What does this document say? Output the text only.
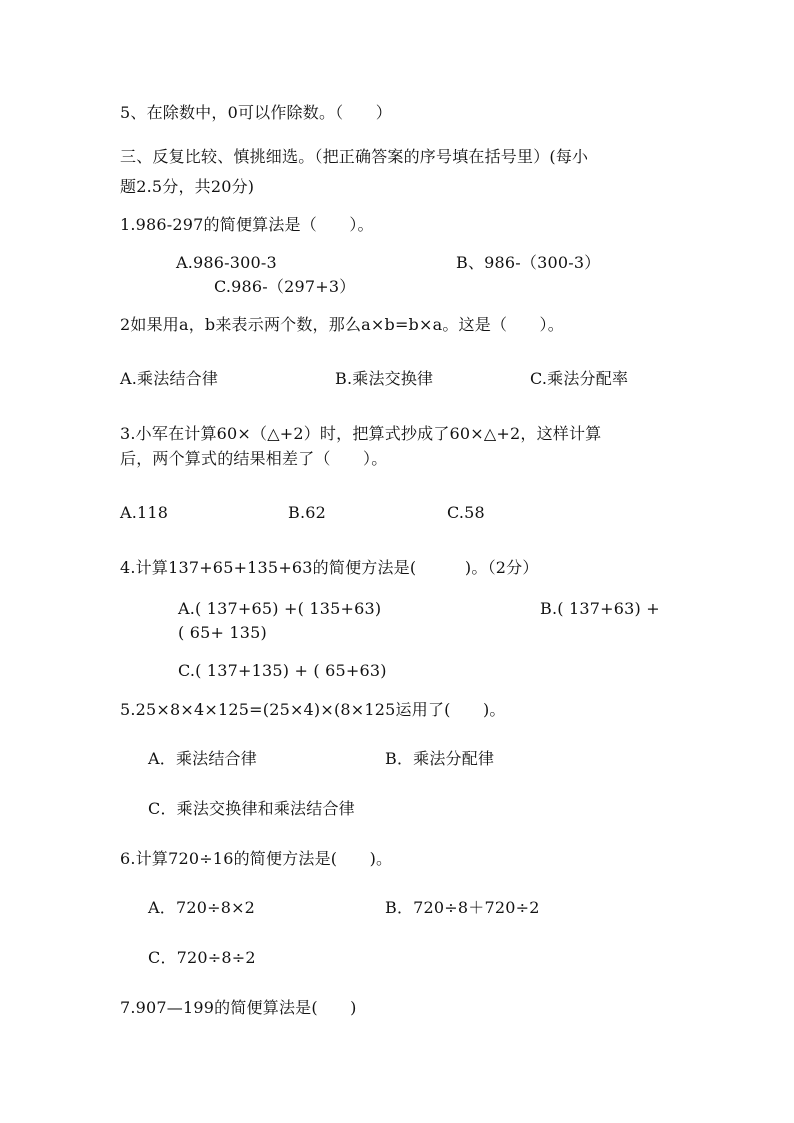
5、在除数中，0可以作除数。（　　）
三、反复比较、慎挑细选。（把正确答案的序号填在括号里）(每小
题2.5分，共20分)
1.986-297的简便算法是（　　）。
A.986-300-3	B、986-（300-3）
C.986-（297+3）
2如果用a，b来表示两个数，那么a×b=b×a。这是（　　）。
A.乘法结合律	B.乘法交换律	C.乘法分配率
3.小军在计算60×（△+2）时，把算式抄成了60×△+2，这样计算
后，两个算式的结果相差了（　　）。
A.118	B.62	C.58
4.计算137+65+135+63的简便方法是(　　　)。（2分）
A.( 137+65) +( 135+63)	B.( 137+63) +
( 65+ 135)
C.( 137+135) + ( 65+63)
5.25×8×4×125=(25×4)×(8×125运用了(　　)。
A．乘法结合律	B．乘法分配律
C．乘法交换律和乘法结合律
6.计算720÷16的简便方法是(　　)。
A．720÷8×2	B．720÷8＋720÷2
C．720÷8÷2
7.907—199的简便算法是(　　)
